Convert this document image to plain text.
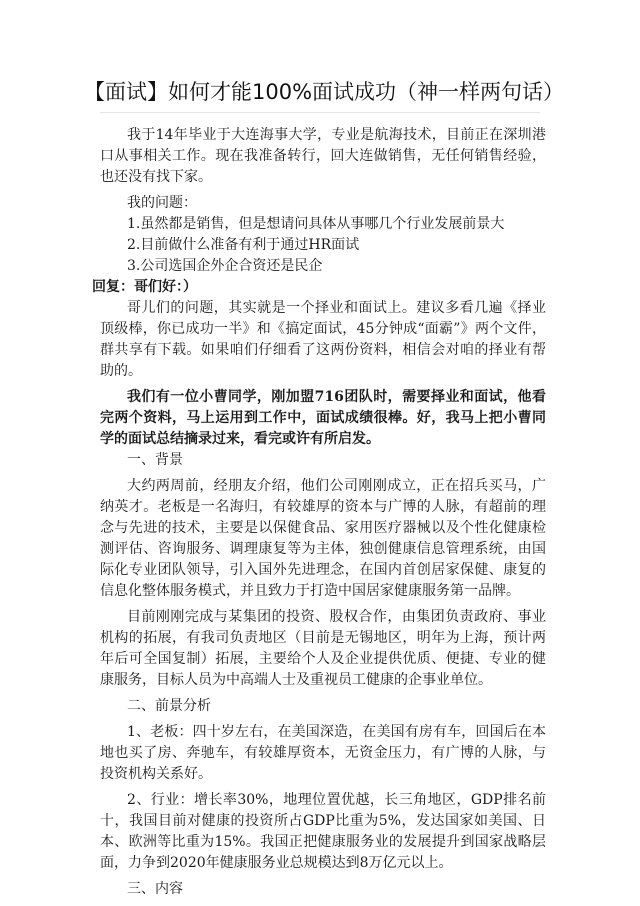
【面试】如何才能100%面试成功（神一样两句话）

我于14年毕业于大连海事大学，专业是航海技术，目前正在深圳港口从事相关工作。现在我准备转行，回大连做销售，无任何销售经验，也还没有找下家。

我的问题：

1.虽然都是销售，但是想请问具体从事哪几个行业发展前景大

2.目前做什么准备有利于通过HR面试

3.公司选国企外企合资还是民企

回复：哥们好：）

哥儿们的问题，其实就是一个择业和面试上。建议多看几遍《择业顶级棒，你已成功一半》和《搞定面试，45分钟成“面霸”》两个文件，群共享有下载。如果咱们仔细看了这两份资料，相信会对咱的择业有帮助的。

我们有一位小曹同学，刚加盟716团队时，需要择业和面试，他看完两个资料，马上运用到工作中，面试成绩很棒。好，我马上把小曹同学的面试总结摘录过来，看完或许有所启发。

一、背景

大约两周前，经朋友介绍，他们公司刚刚成立，正在招兵买马，广纳英才。老板是一名海归，有较雄厚的资本与广博的人脉，有超前的理念与先进的技术，主要是以保健食品、家用医疗器械以及个性化健康检测评估、咨询服务、调理康复等为主体，独创健康信息管理系统，由国际化专业团队领导，引入国外先进理念，在国内首创居家保健、康复的信息化整体服务模式，并且致力于打造中国居家健康服务第一品牌。

目前刚刚完成与某集团的投资、股权合作，由集团负责政府、事业机构的拓展，有我司负责地区（目前是无锡地区，明年为上海，预计两年后可全国复制）拓展，主要给个人及企业提供优质、便捷、专业的健康服务，目标人员为中高端人士及重视员工健康的企事业单位。

二、前景分析

1、老板：四十岁左右，在美国深造，在美国有房有车，回国后在本地也买了房、奔驰车，有较雄厚资本，无资金压力，有广博的人脉，与投资机构关系好。

2、行业：增长率30%，地理位置优越，长三角地区，GDP排名前十，我国目前对健康的投资所占GDP比重为5%，发达国家如美国、日本、欧洲等比重为15%。我国正把健康服务业的发展提升到国家战略层面，力争到2020年健康服务业总规模达到8万亿元以上。

三、内容
